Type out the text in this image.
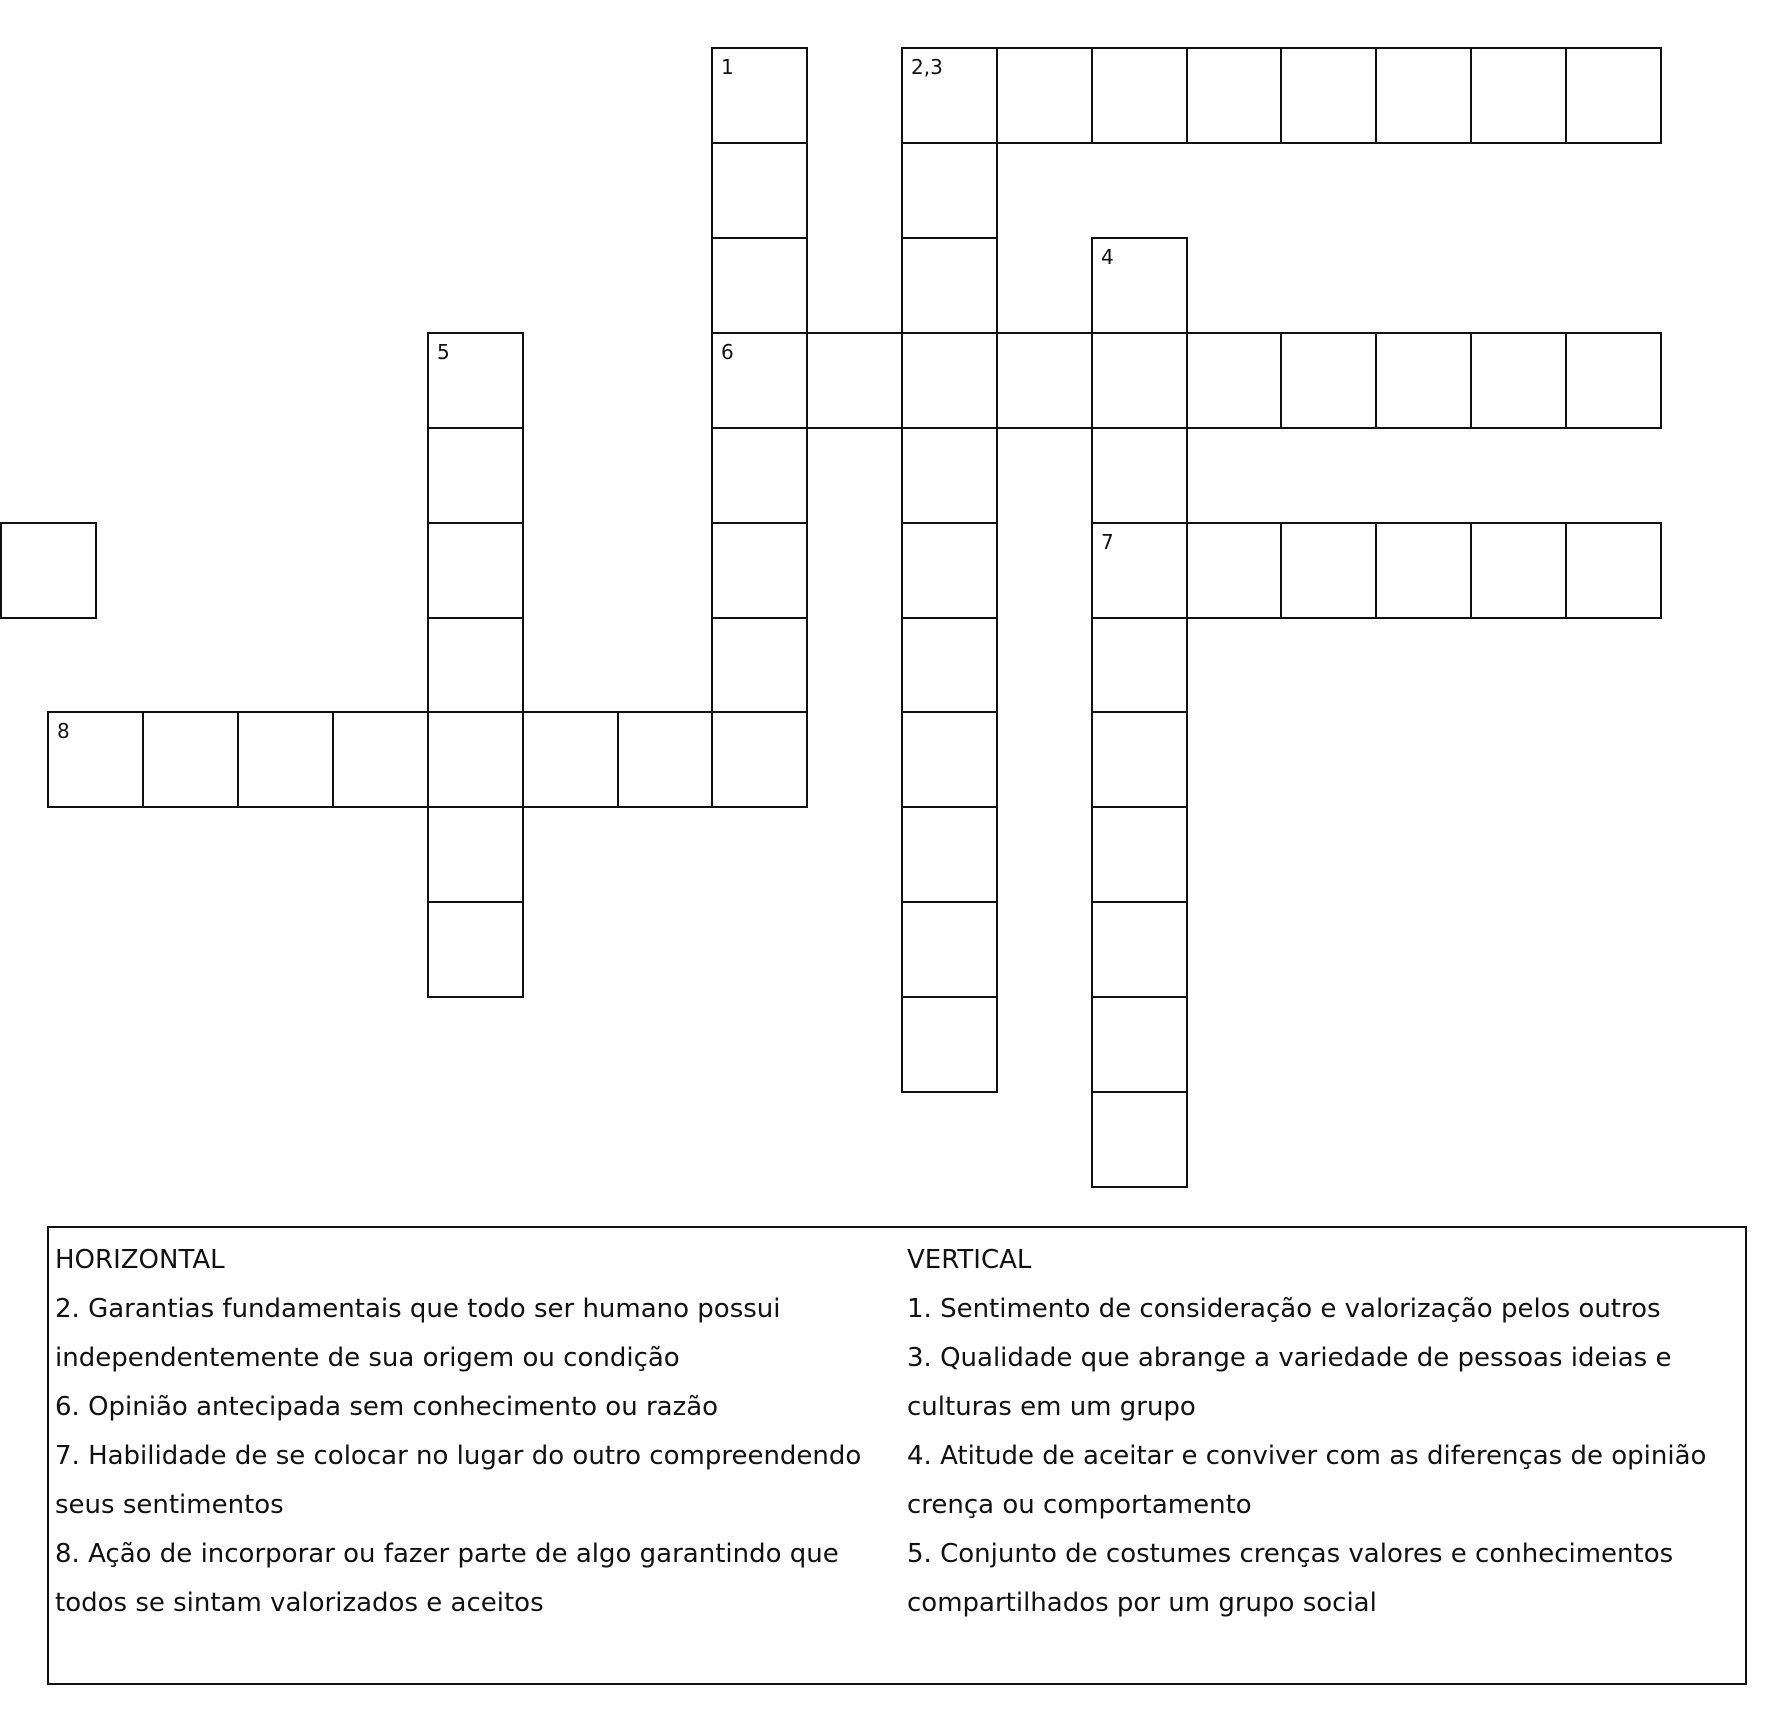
1	2,3
4
5	6
7
8

HORIZONTAL

2. Garantias fundamentais que todo ser humano possui independentemente de sua origem ou condição

6. Opinião antecipada sem conhecimento ou razão

7. Habilidade de se colocar no lugar do outro compreendendo seus sentimentos

8. Ação de incorporar ou fazer parte de algo garantindo que todos se sintam valorizados e aceitos

VERTICAL

1. Sentimento de consideração e valorização pelos outros

3. Qualidade que abrange a variedade de pessoas ideias e culturas em um grupo

4. Atitude de aceitar e conviver com as diferenças de opinião crença ou comportamento

5. Conjunto de costumes crenças valores e conhecimentos compartilhados por um grupo social
